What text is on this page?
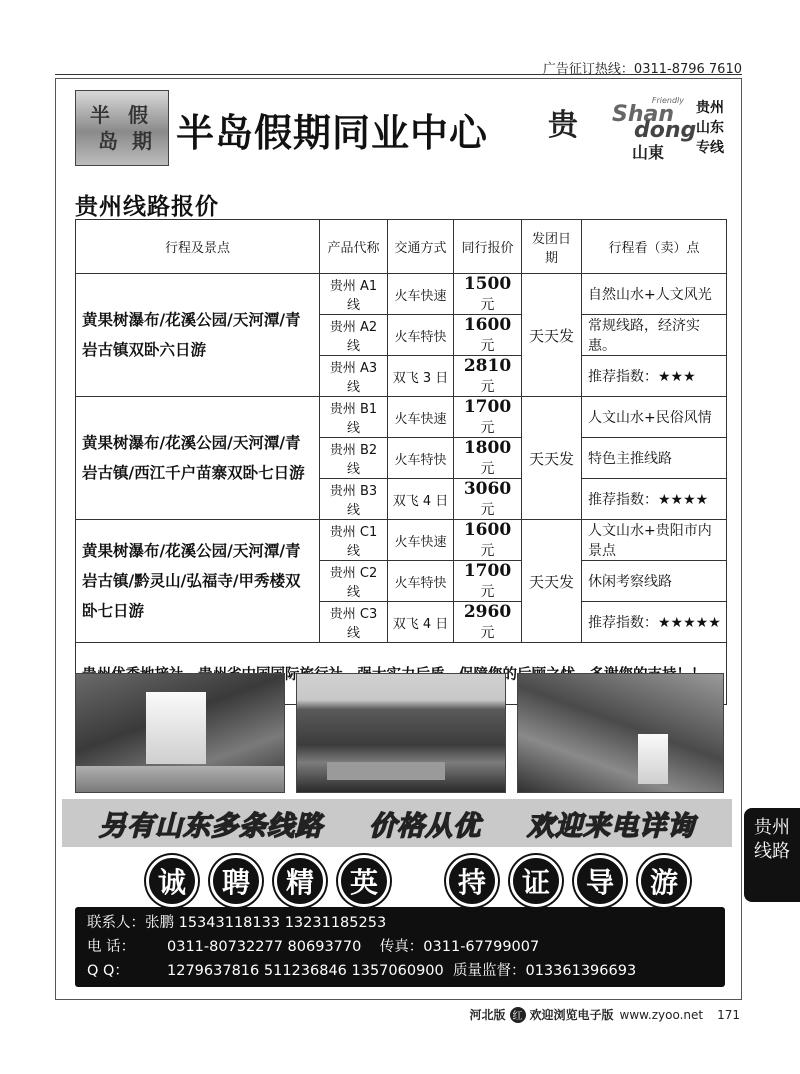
广告征订热线：0311-8796 7610
半 假
岛 期 半岛假期同业中心 贵
Friendly
Shan
dong
山東
贵州
山东
专线
贵州线路报价
行程及景点	产品代称	交通方式	同行报价	发团日期	行程看（卖）点
黄果树瀑布/花溪公园/天河潭/青岩古镇双卧六日游	贵州 A1 线	火车快速	1500 元	天天发	自然山水+人文风光
	贵州 A2 线	火车特快	1600 元		常规线路，经济实惠。
	贵州 A3 线	双飞 3 日	2810 元		推荐指数：★★★
黄果树瀑布/花溪公园/天河潭/青岩古镇/西江千户苗寨双卧七日游	贵州 B1 线	火车快速	1700 元	天天发	人文山水+民俗风情
	贵州 B2 线	火车特快	1800 元		特色主推线路
	贵州 B3 线	双飞 4 日	3060 元		推荐指数：★★★★
黄果树瀑布/花溪公园/天河潭/青岩古镇/黔灵山/弘福寺/甲秀楼双卧七日游	贵州 C1 线	火车快速	1600 元	天天发	人文山水+贵阳市内景点
	贵州 C2 线	火车特快	1700 元		休闲考察线路
	贵州 C3 线	双飞 4 日	2960 元		推荐指数：★★★★★

另有山东多条线路 价格从优 欢迎来电详询
诚	聘	精	英	持	证	导	游
联系人：张鹏 15343118133 13231185253
电 话： 0311-80732277 80693770 传真：0311-67799007
Q Q：	1279637816 511236846 1357060900 质量监督：013361396693
贵州
线路
河北版 红 欢迎浏览电子版 www.zyoo.net 171
